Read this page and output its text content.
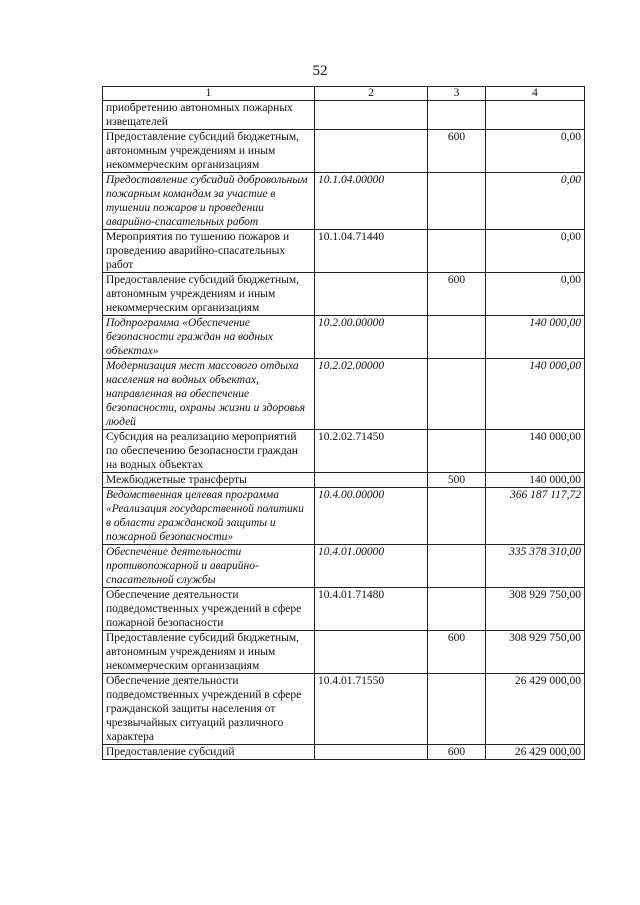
52
1	2	3	4
приобретению автономных пожарных извещателей			
Предоставление субсидий бюджетным, автономным учреждениям и иным некоммерческим организациям		600	0,00
Предоставление субсидий добровольным пожарным командам за участие в тушении пожаров и проведении аварийно-спасательных работ	10.1.04.00000		0,00
Мероприятия по тушению пожаров и проведению аварийно-спасательных работ	10.1.04.71440		0,00
Предоставление субсидий бюджетным, автономным учреждениям и иным некоммерческим организациям		600	0,00
Подпрограмма «Обеспечение безопасности граждан на водных объектах»	10.2.00.00000		140 000,00
Модернизация мест массового отдыха населения на водных объектах, направленная на обеспечение безопасности, охраны жизни и здоровья людей	10.2.02.00000		140 000,00
Субсидия на реализацию мероприятий по обеспечению безопасности граждан на водных объектах	10.2.02.71450		140 000,00
Межбюджетные трансферты		500	140 000,00
Ведомственная целевая программа «Реализация государственной политики в области гражданской защиты и пожарной безопасности»	10.4.00.00000		366 187 117,72
Обеспечение деятельности противопожарной и аварийно-спасательной службы	10.4.01.00000		335 378 310,00
Обеспечение деятельности подведомственных учреждений в сфере пожарной безопасности	10.4.01.71480		308 929 750,00
Предоставление субсидий бюджетным, автономным учреждениям и иным некоммерческим организациям		600	308 929 750,00
Обеспечение деятельности подведомственных учреждений в сфере гражданской защиты населения от чрезвычайных ситуаций различного характера	10.4.01.71550		26 429 000,00
Предоставление субсидий		600	26 429 000,00
